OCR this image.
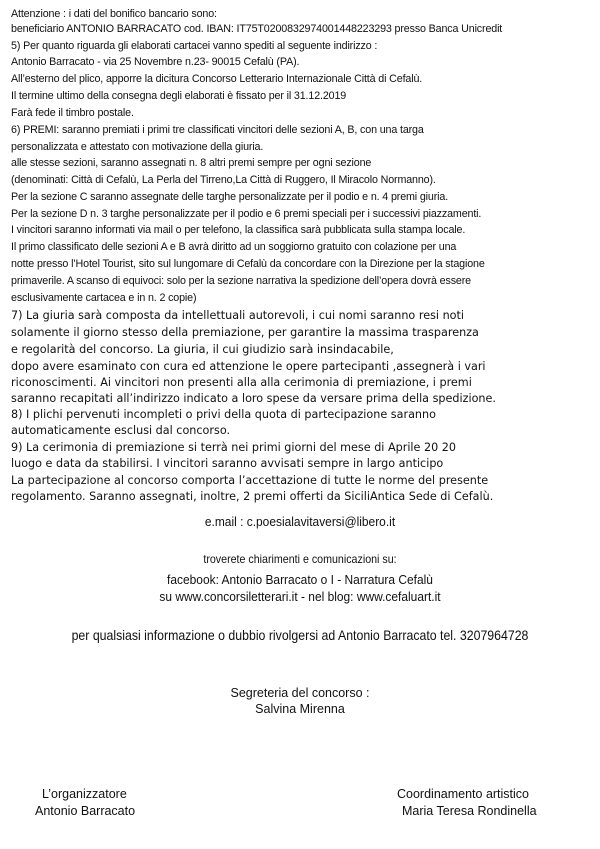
Attenzione : i dati del bonifico bancario sono:
beneficiario ANTONIO BARRACATO cod. IBAN: IT75T0200832974001448223293 presso Banca Unicredit
5) Per quanto riguarda gli elaborati cartacei vanno spediti al seguente indirizzo :
Antonio Barracato - via 25 Novembre n.23- 90015 Cefalù (PA).
All’esterno del plico, apporre la dicitura Concorso Letterario Internazionale Città di Cefalù.
Il termine ultimo della consegna degli elaborati è fissato per il 31.12.2019
Farà fede il timbro postale.
6) PREMI: saranno premiati i primi tre classificati vincitori delle sezioni A, B, con una targa
personalizzata e attestato con motivazione della giuria.
alle stesse sezioni, saranno assegnati n. 8 altri premi sempre per ogni sezione
(denominati: Città di Cefalù, La Perla del Tirreno,La Città di Ruggero, Il Miracolo Normanno).
Per la sezione C saranno assegnate delle targhe personalizzate per il podio e n. 4 premi giuria.
Per la sezione D n. 3 targhe personalizzate per il podio e 6 premi speciali per i successivi piazzamenti.
I vincitori saranno informati via mail o per telefono, la classifica sarà pubblicata sulla stampa locale.
Il primo classificato delle sezioni A e B avrà diritto ad un soggiorno gratuito con colazione per una
notte presso l’Hotel Tourist, sito sul lungomare di Cefalù da concordare con la Direzione per la stagione
primaverile. A scanso di equivoci: solo per la sezione narrativa la spedizione dell’opera dovrà essere
esclusivamente cartacea e in n. 2 copie)
7) La giuria sarà composta da intellettuali autorevoli, i cui nomi saranno resi noti
solamente il giorno stesso della premiazione, per garantire la massima trasparenza
e regolarità del concorso. La giuria, il cui giudizio sarà insindacabile,
dopo avere esaminato con cura ed attenzione le opere partecipanti ,assegnerà i vari
riconoscimenti. Ai vincitori non presenti alla alla cerimonia di premiazione, i premi
saranno recapitati all’indirizzo indicato a loro spese da versare prima della spedizione.
8) I plichi pervenuti incompleti o privi della quota di partecipazione saranno
automaticamente esclusi dal concorso.
9) La cerimonia di premiazione si terrà nei primi giorni del mese di Aprile 20 20
luogo e data da stabilirsi. I vincitori saranno avvisati sempre in largo anticipo
La partecipazione al concorso comporta l’accettazione di tutte le norme del presente
regolamento. Saranno assegnati, inoltre, 2 premi offerti da SiciliAntica Sede di Cefalù.
e.mail : c.poesialavitaversi@libero.it
troverete chiarimenti e comunicazioni su:
facebook: Antonio Barracato o I - Narratura Cefalù
su www.concorsiletterari.it - nel blog: www.cefaluart.it
per qualsiasi informazione o dubbio rivolgersi ad Antonio Barracato tel. 3207964728
Segreteria del concorso :
Salvina Mirenna
L’organizzatore
Antonio Barracato
Coordinamento artistico
Maria Teresa Rondinella
